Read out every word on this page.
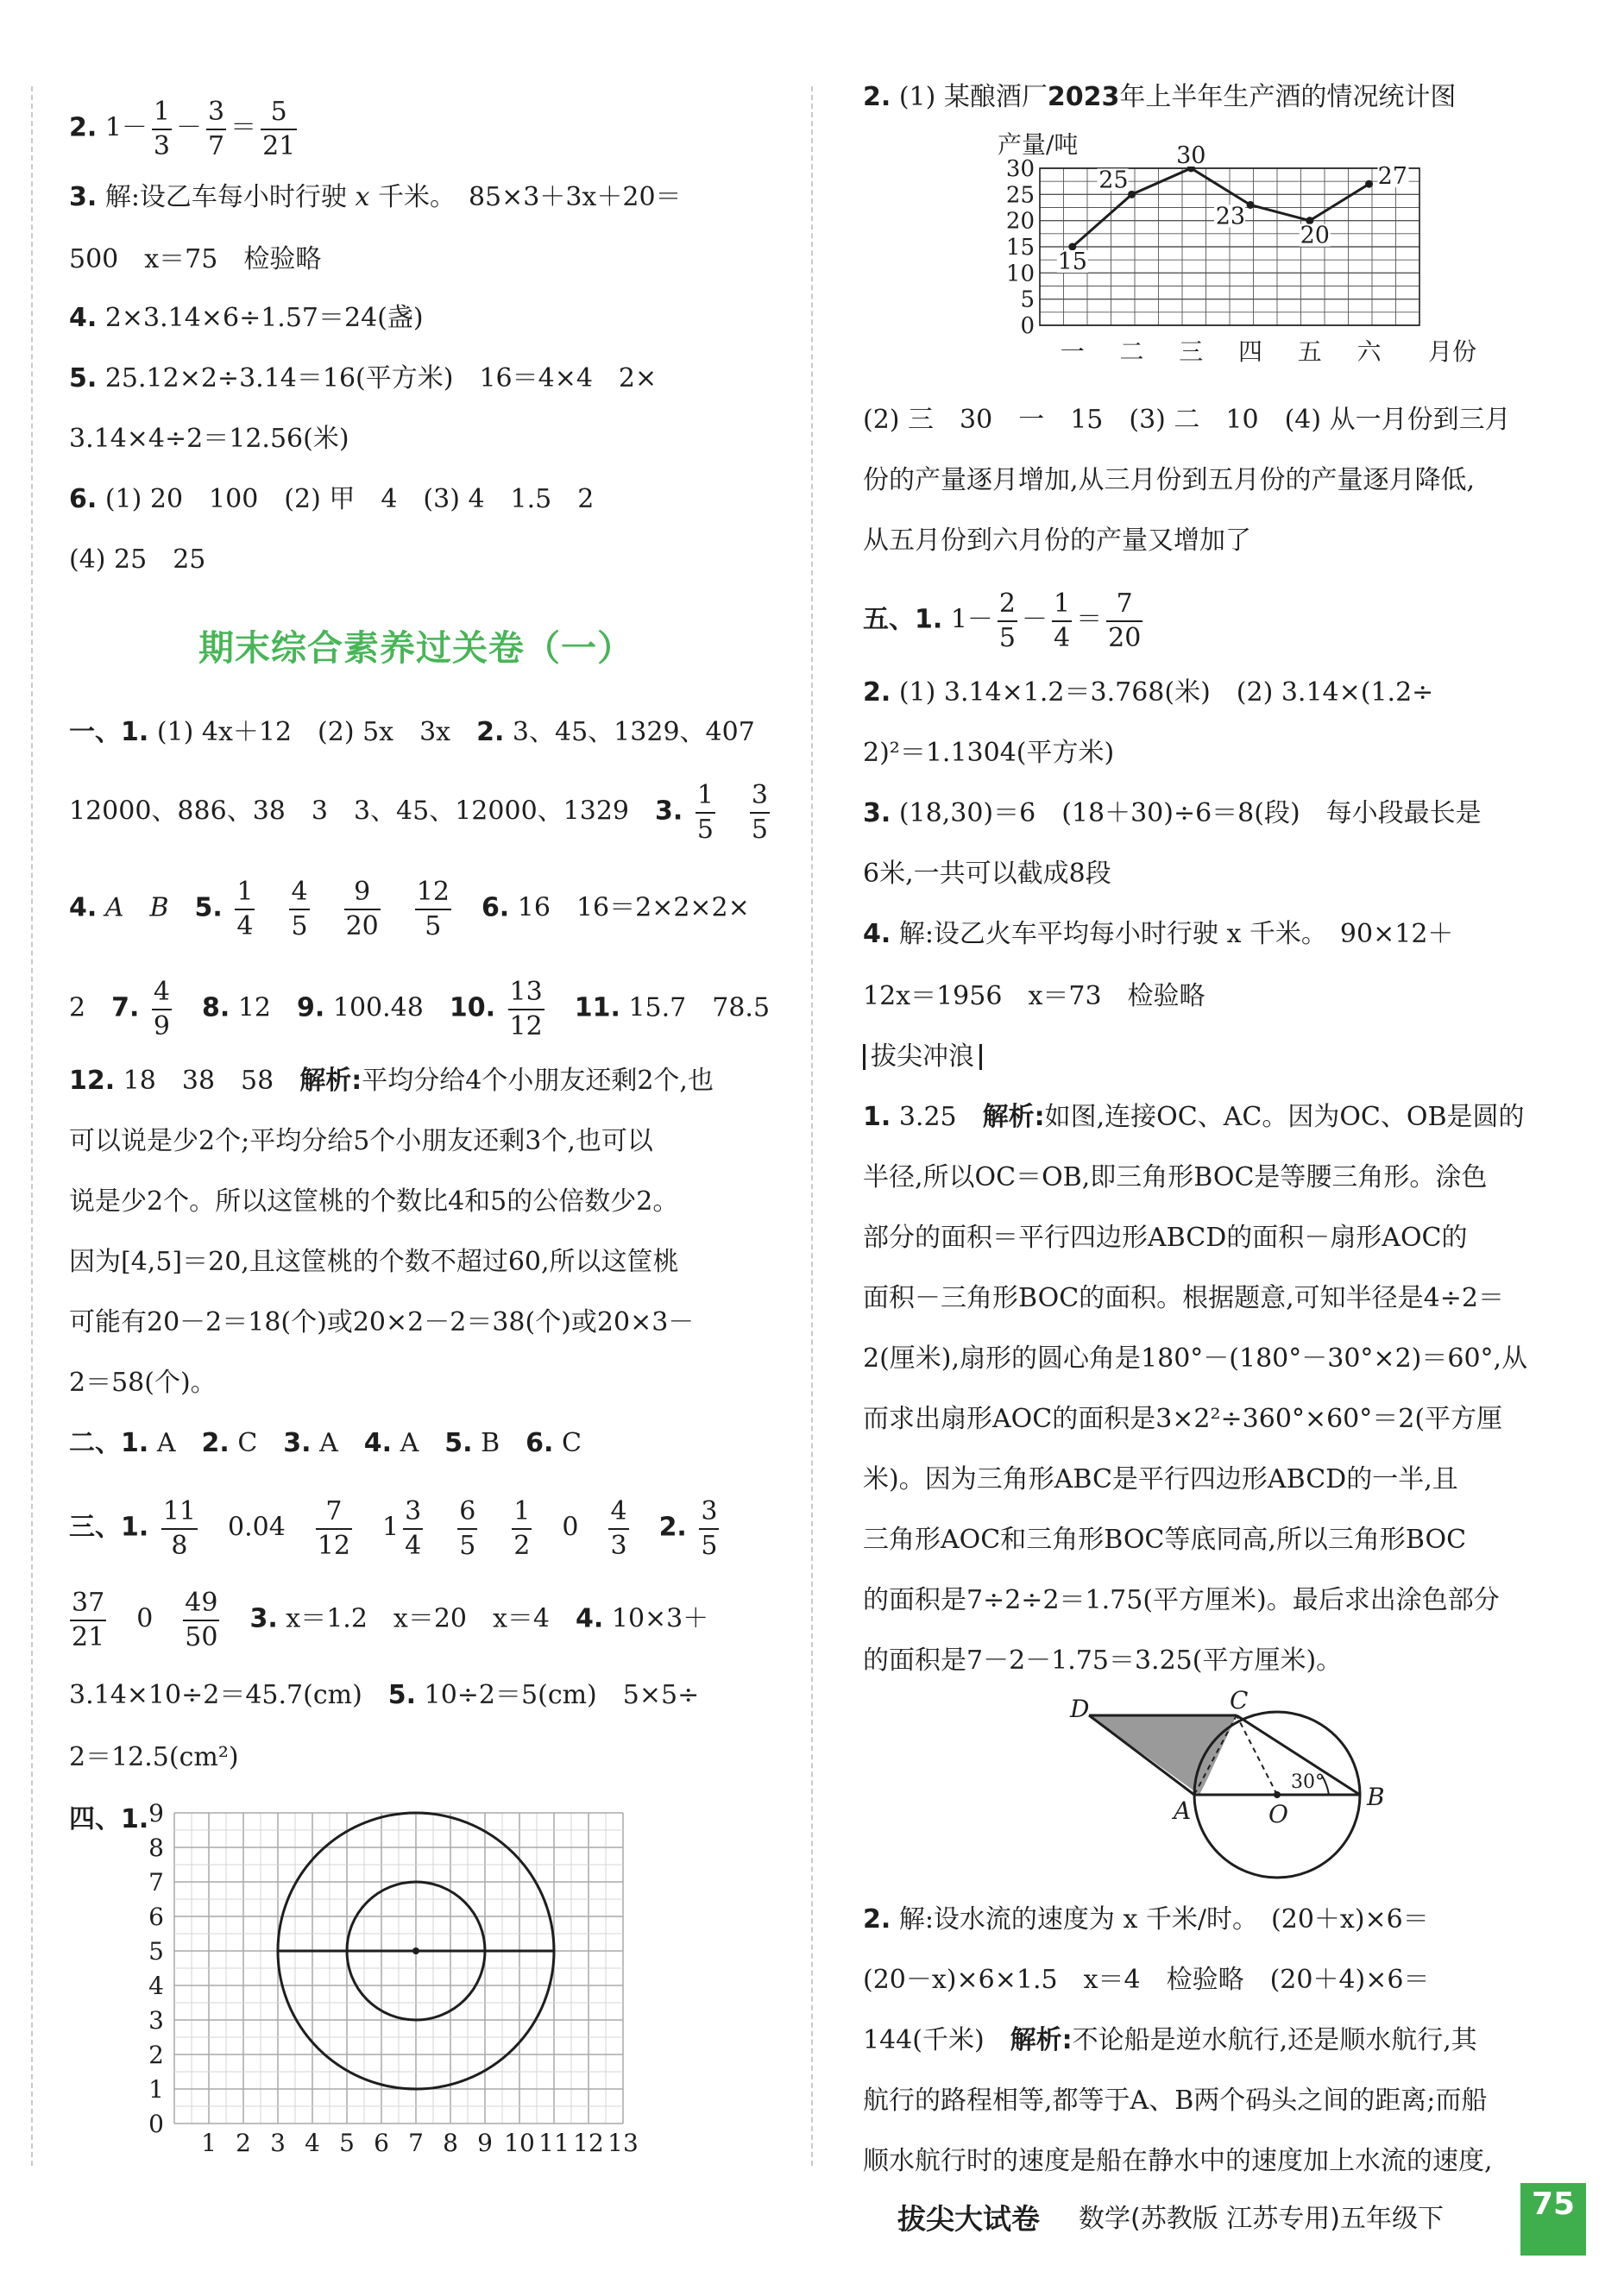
2. $1- \frac{1}{3} - \frac{3}{7} = \frac{5}{21}$
3. 解:设乙车每小时行驶 x 千米。　 85×3＋3x＋20＝
500　x＝75　检验略
4. 2×3.14×6÷1.57＝24(盏)
5. 25.12×2÷3.14＝16(平方米)　16＝4×4　2×
3.14×4÷2＝12.56(米)
6. (1) 20　100　(2) 甲　4　(3) 4　1.5　2
(4) 25　25
期末综合素养过关卷（一）
一、1. (1) 4x＋12　(2) 5x　3x　 2. 3、45、1329、407
12000、886、38　3　3、45、12000、1329　 3. $\frac{1}{5}$
　 $\frac{3}{5}$
4. A　B　 5. $\frac{1}{4}$
　 $\frac{4}{5}$
　 $\frac{9}{20}$
　 $\frac{12}{5}$
　 6. 16　16＝2×2×2×
2　 7. $\frac{4}{9}$
　 8. 12　 9. 100.48　 10. $\frac{13}{12}$
　 11. 15.7　78.5
12. 18　38　58　 解析:平均分给4个小朋友还剩2个,也
可以说是少2个;平均分给5个小朋友还剩3个,也可以
说是少2个。所以这筐桃的个数比4和5的公倍数少2。
因为[4,5]＝20,且这筐桃的个数不超过60,所以这筐桃
可能有20－2＝18(个)或20×2－2＝38(个)或20×3－
2＝58(个)。
二、1. A　 2. C　 3. A　 4. A　 5. B　 6. C
三、1. $\frac{11}{8}$
　 0.04　 $\frac{7}{12}$
　 $1 \frac{3}{4}$
　 $\frac{6}{5}$
　 $\frac{1}{2}$
　 0　 $\frac{4}{3}$
　 2. $\frac{3}{5}$
$\frac{37}{21}$
　 0　 $\frac{49}{50}$
　 3. x＝1.2　x＝20　x＝4　 4. 10×3＋
3.14×10÷2＝45.7(cm)　 5. 10÷2＝5(cm)　5×5÷
2＝12.5(cm²)
四、1.
1 2 3 4 5 6 7 8 9 10 11 12 13
0
1
2
3
4
5
6
7
8
9
2. (1) 某酿酒厂2023年上半年生产酒的情况统计图
产量/吨
0
5
10
15
20
25
30
一 二 三 四 五 六 月份
15
25
30
23
20
27
(2) 三　30　一　15　(3) 二　10　(4) 从一月份到三月
份的产量逐月增加,从三月份到五月份的产量逐月降低,
从五月份到六月份的产量又增加了
五、1. $1- \frac{2}{5} - \frac{1}{4} = \frac{7}{20}$
2. (1) 3.14×1.2＝3.768(米)　(2) 3.14×(1.2÷
2)²＝1.1304(平方米)
3. (18,30)＝6　(18＋30)÷6＝8(段)　每小段最长是
6米,一共可以截成8段
4. 解:设乙火车平均每小时行驶 x 千米。　90×12＋
12x＝1956　x＝73　检验略
拔尖冲浪
1. 3.25　 解析:如图,连接OC、AC。因为OC、OB是圆的
半径,所以OC＝OB,即三角形BOC是等腰三角形。涂色
部分的面积＝平行四边形ABCD的面积－扇形AOC的
面积－三角形BOC的面积。根据题意,可知半径是4÷2＝
2(厘米),扇形的圆心角是180°－(180°－30°×2)＝60°,从
而求出扇形AOC的面积是3×2²÷360°×60°＝2(平方厘
米)。因为三角形ABC是平行四边形ABCD的一半,且
三角形AOC和三角形BOC等底同高,所以三角形BOC
的面积是7÷2÷2＝1.75(平方厘米)。最后求出涂色部分
的面积是7－2－1.75＝3.25(平方厘米)。
D	C
A	O
B
30°
2. 解:设水流的速度为 x 千米/时。　(20＋x)×6＝
(20－x)×6×1.5　x＝4　检验略　(20＋4)×6＝
144(千米)　 解析:不论船是逆水航行,还是顺水航行,其
航行的路程相等,都等于A、B两个码头之间的距离;而船
顺水航行时的速度是船在静水中的速度加上水流的速度,
拔尖大试卷 数学(苏教版 江苏专用)五年级下	75
